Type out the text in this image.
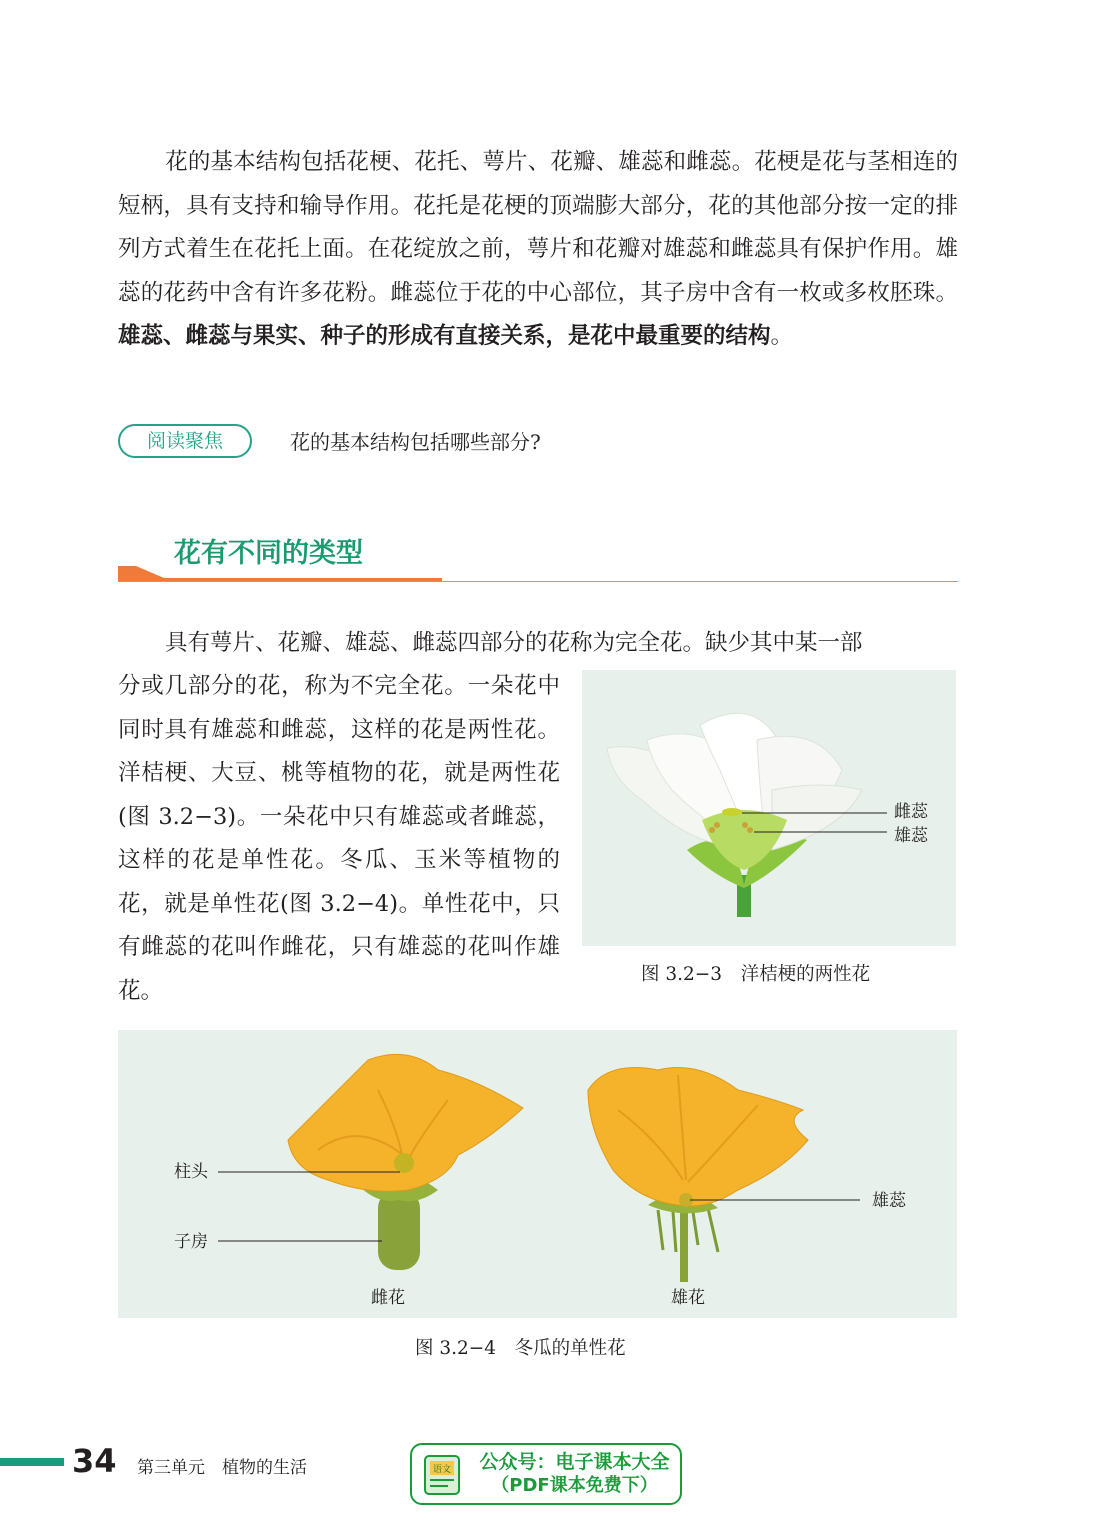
花的基本结构包括花梗、花托、萼片、花瓣、雄蕊和雌蕊。花梗是花与茎相连的短柄，具有支持和输导作用。花托是花梗的顶端膨大部分，花的其他部分按一定的排列方式着生在花托上面。在花绽放之前，萼片和花瓣对雄蕊和雌蕊具有保护作用。雄蕊的花药中含有许多花粉。雌蕊位于花的中心部位，其子房中含有一枚或多枚胚珠。雄蕊、雌蕊与果实、种子的形成有直接关系，是花中最重要的结构。

阅读聚焦	花的基本结构包括哪些部分?
花有不同的类型

具有萼片、花瓣、雄蕊、雌蕊四部分的花称为完全花。缺少其中某一部

分或几部分的花，称为不完全花。一朵花中同时具有雄蕊和雌蕊，这样的花是两性花。洋桔梗、大豆、桃等植物的花，就是两性花(图 3.2−3)。一朵花中只有雄蕊或者雌蕊，这样的花是单性花。冬瓜、玉米等植物的花，就是单性花(图 3.2−4)。单性花中，只有雌蕊的花叫作雌花，只有雄蕊的花叫作雄花。

雌蕊
雄蕊
图 3.2−3　洋桔梗的两性花
柱头
子房
雌花	雄花
雄蕊
图 3.2−4　冬瓜的单性花
34 第三单元　植物的生活	语文	公众号：电子课本大全
（PDF课本免费下）
